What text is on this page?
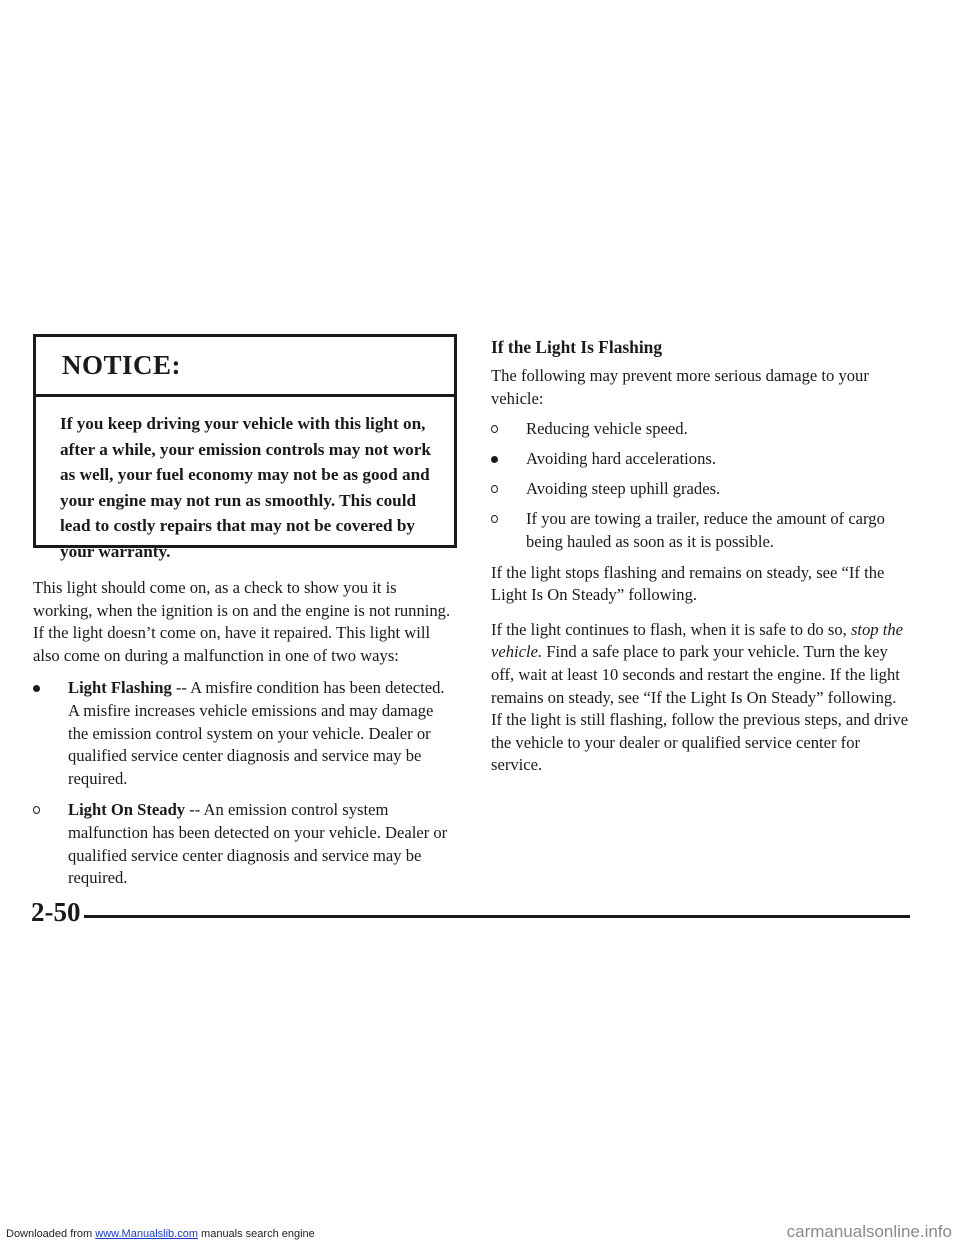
NOTICE:
If you keep driving your vehicle with this light on, after a while, your emission controls may not work as well, your fuel economy may not be as good and your engine may not run as smoothly. This could lead to costly repairs that may not be covered by your warranty.

This light should come on, as a check to show you it is working, when the ignition is on and the engine is not running. If the light doesn’t come on, have it repaired. This light will also come on during a malfunction in one of two ways:

Light Flashing -- A misfire condition has been detected. A misfire increases vehicle emissions and may damage the emission control system on your vehicle. Dealer or qualified service center diagnosis and service may be required.
Light On Steady -- An emission control system malfunction has been detected on your vehicle. Dealer or qualified service center diagnosis and service may be required.
If the Light Is Flashing

The following may prevent more serious damage to your vehicle:

Reducing vehicle speed.
Avoiding hard accelerations.
Avoiding steep uphill grades.
If you are towing a trailer, reduce the amount of cargo being hauled as soon as it is possible.

If the light stops flashing and remains on steady, see “If the Light Is On Steady” following.

If the light continues to flash, when it is safe to do so, stop the vehicle. Find a safe place to park your vehicle. Turn the key off, wait at least 10 seconds and restart the engine. If the light remains on steady, see “If the Light Is On Steady” following. If the light is still flashing, follow the previous steps, and drive the vehicle to your dealer or qualified service center for service.

2-50
Downloaded from www.Manualslib.com manuals search engine	carmanualsonline.info
